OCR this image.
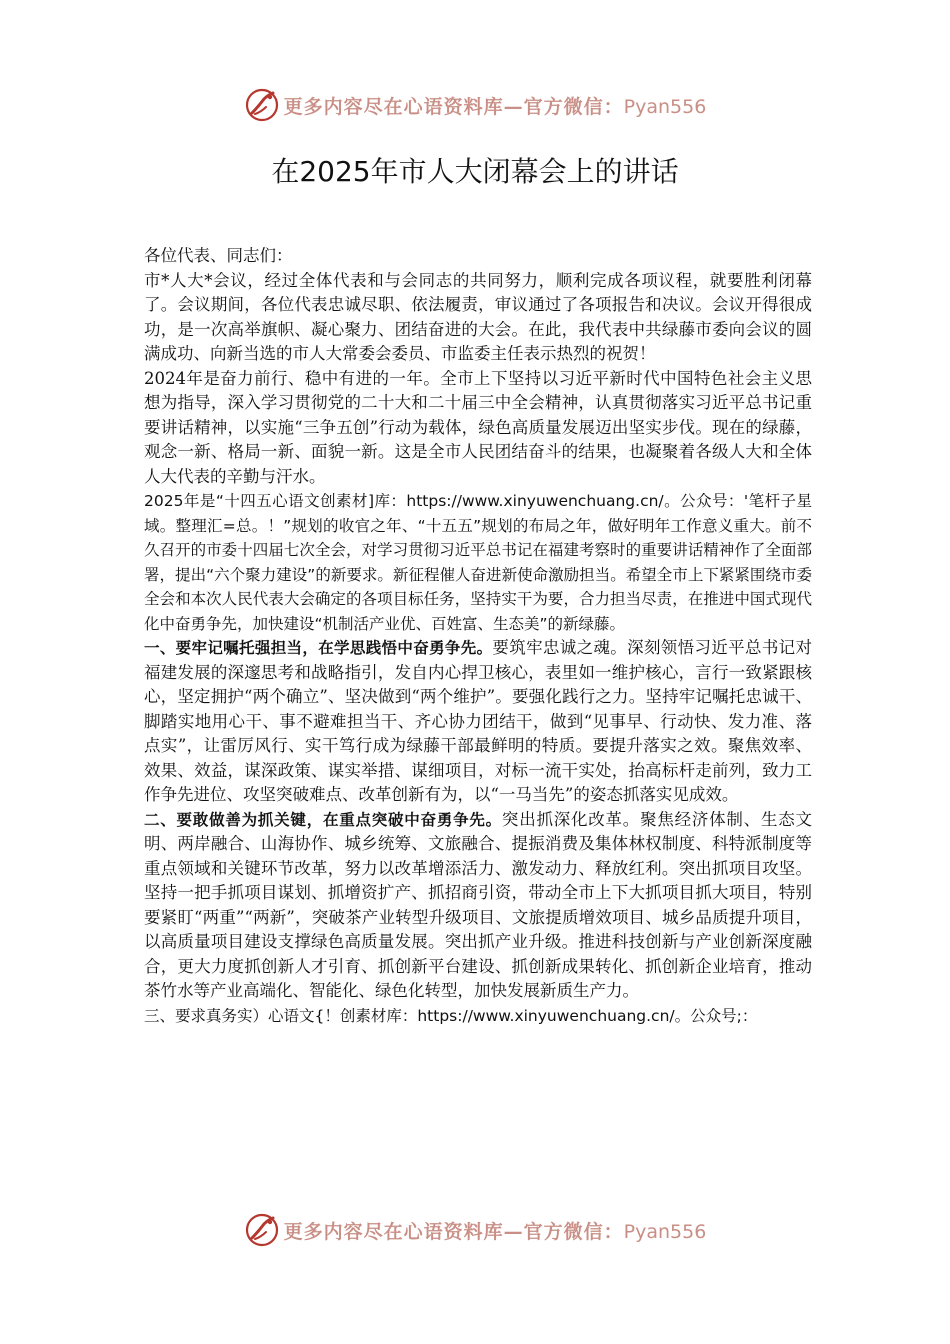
更多内容尽在心语资料库—官方微信：Pyan556
在2025年市人大闭幕会上的讲话

各位代表、同志们：

市*人大*会议，经过全体代表和与会同志的共同努力，顺利完成各项议程，就要胜利闭幕了。会议期间，各位代表忠诚尽职、依法履责，审议通过了各项报告和决议。会议开得很成功，是一次高举旗帜、凝心聚力、团结奋进的大会。在此，我代表中共绿藤市委向会议的圆满成功、向新当选的市人大常委会委员、市监委主任表示热烈的祝贺！

2024年是奋力前行、稳中有进的一年。全市上下坚持以习近平新时代中国特色社会主义思想为指导，深入学习贯彻党的二十大和二十届三中全会精神，认真贯彻落实习近平总书记重要讲话精神，以实施“三争五创”行动为载体，绿色高质量发展迈出坚实步伐。现在的绿藤，观念一新、格局一新、面貌一新。这是全市人民团结奋斗的结果，也凝聚着各级人大和全体人大代表的辛勤与汗水。

2025年是“十四五心语文创素材]库：https://www.xinyuwenchuang.cn/。公众号：'笔杆子星域。整理汇=总。！”规划的收官之年、“十五五”规划的布局之年，做好明年工作意义重大。前不久召开的市委十四届七次全会，对学习贯彻习近平总书记在福建考察时的重要讲话精神作了全面部署，提出“六个聚力建设”的新要求。新征程催人奋进新使命激励担当。希望全市上下紧紧围绕市委全会和本次人民代表大会确定的各项目标任务，坚持实干为要，合力担当尽责，在推进中国式现代化中奋勇争先，加快建设“机制活产业优、百姓富、生态美”的新绿藤。

一、要牢记嘱托强担当，在学思践悟中奋勇争先。要筑牢忠诚之魂。深刻领悟习近平总书记对福建发展的深邃思考和战略指引，发自内心捍卫核心，表里如一维护核心，言行一致紧跟核心，坚定拥护“两个确立”、坚决做到“两个维护”。要强化践行之力。坚持牢记嘱托忠诚干、脚踏实地用心干、事不避难担当干、齐心协力团结干，做到“见事早、行动快、发力准、落点实”，让雷厉风行、实干笃行成为绿藤干部最鲜明的特质。要提升落实之效。聚焦效率、效果、效益，谋深政策、谋实举措、谋细项目，对标一流干实处，抬高标杆走前列，致力工作争先进位、攻坚突破难点、改革创新有为，以“一马当先”的姿态抓落实见成效。

二、要敢做善为抓关键，在重点突破中奋勇争先。突出抓深化改革。聚焦经济体制、生态文明、两岸融合、山海协作、城乡统筹、文旅融合、提振消费及集体林权制度、科特派制度等重点领域和关键环节改革，努力以改革增添活力、激发动力、释放红利。突出抓项目攻坚。坚持一把手抓项目谋划、抓增资扩产、抓招商引资，带动全市上下大抓项目抓大项目，特别要紧盯“两重”“两新”，突破茶产业转型升级项目、文旅提质增效项目、城乡品质提升项目，以高质量项目建设支撑绿色高质量发展。突出抓产业升级。推进科技创新与产业创新深度融合，更大力度抓创新人才引育、抓创新平台建设、抓创新成果转化、抓创新企业培育，推动茶竹水等产业高端化、智能化、绿色化转型，加快发展新质生产力。

三、要求真务实）心语文{！创素材库：https://www.xinyuwenchuang.cn/。公众号;：

更多内容尽在心语资料库—官方微信：Pyan556
